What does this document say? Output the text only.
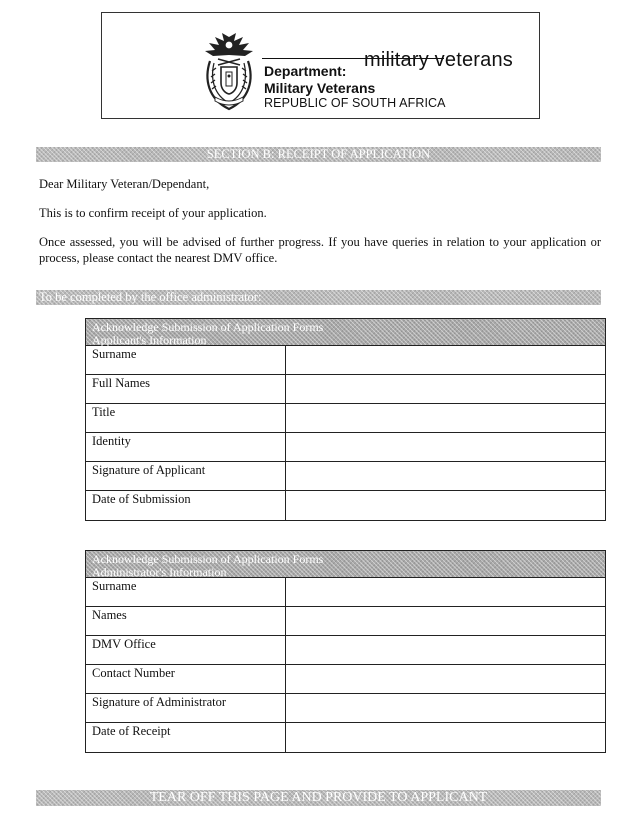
military veterans
Department:
Military Veterans
REPUBLIC OF SOUTH AFRICA
SECTION B: RECEIPT OF APPLICATION
Dear Military Veteran/Dependant,
This is to confirm receipt of your application.
Once assessed, you will be advised of further progress. If you have queries in relation to your application or process, please contact the nearest DMV office.
To be completed by the office administrator:
Acknowledge Submission of Application Forms
Applicant's Information
Surname
Full Names
Title
Identity
Signature of Applicant
Date of Submission
Acknowledge Submission of Application Forms
Administrator's Information
Surname
Names
DMV Office
Contact Number
Signature of Administrator
Date of Receipt
TEAR OFF THIS PAGE AND PROVIDE TO APPLICANT
